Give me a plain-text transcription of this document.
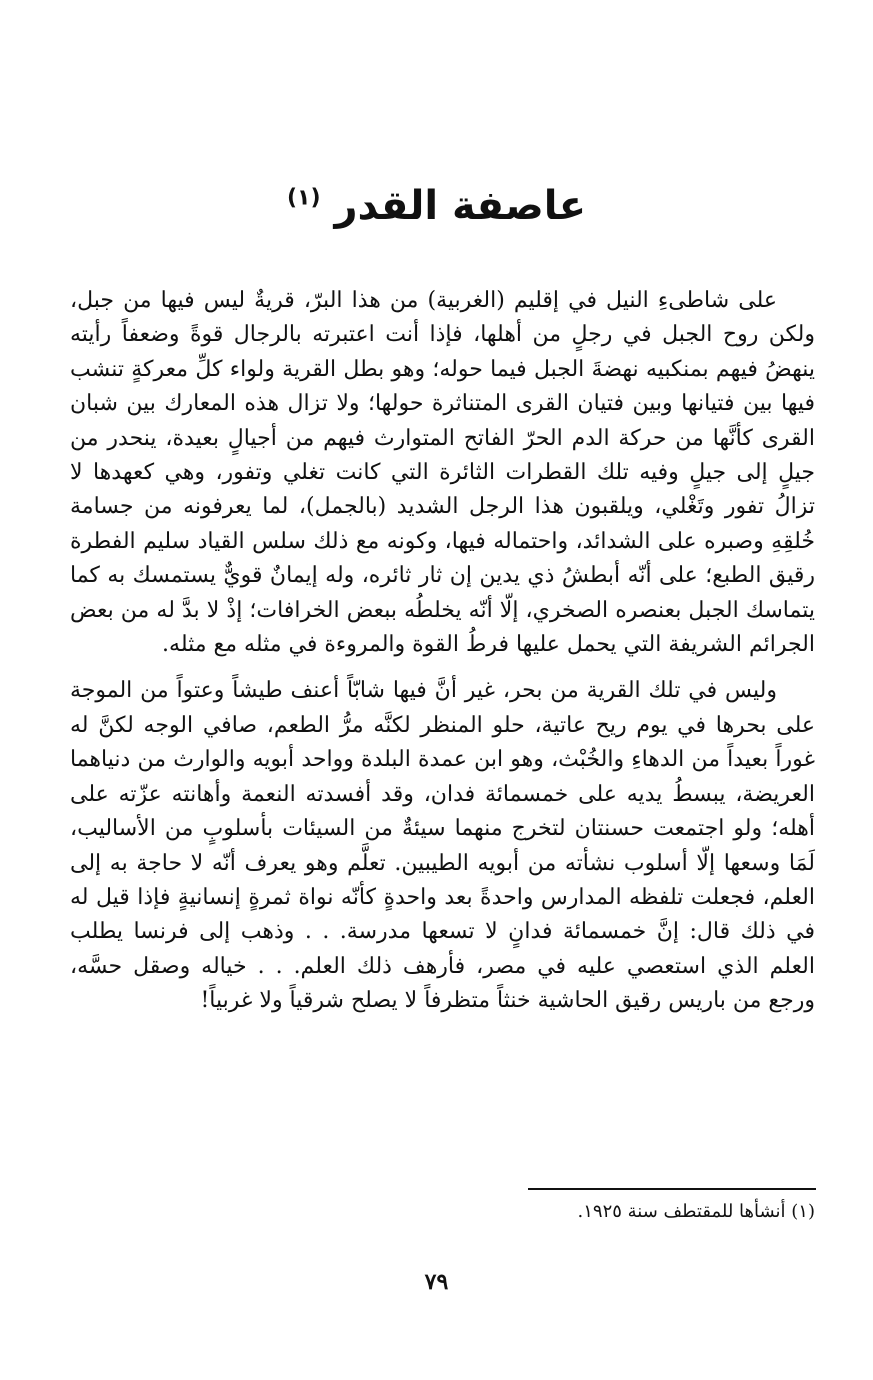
عاصفة القدر $^{(١)}$

على شاطىءِ النيل في إقليم (الغربية) من هذا البرّ، قريةٌ ليس فيها من جبل، ولكن روح الجبل في رجلٍ من أهلها، فإذا أنت اعتبرته بالرجال قوةً وضعفاً رأيته ينهضُ فيهم بمنكبيه نهضةَ الجبل فيما حوله؛ وهو بطل القرية ولواء كلِّ معركةٍ تنشب فيها بين فتيانها وبين فتيان القرى المتناثرة حولها؛ ولا تزال هذه المعارك بين شبان القرى كأنَّها من حركة الدم الحرّ الفاتح المتوارث فيهم من أجيالٍ بعيدة، ينحدر من جيلٍ إلى جيلٍ وفيه تلك القطرات الثائرة التي كانت تغلي وتفور، وهي كعهدها لا تزالُ تفور وتَغْلي، ويلقبون هذا الرجل الشديد (بالجمل)، لما يعرفونه من جسامة خُلقِهِ وصبره على الشدائد، واحتماله فيها، وكونه مع ذلك سلس القياد سليم الفطرة رقيق الطبع؛ على أنّه أبطشُ ذي يدين إن ثار ثائره، وله إيمانٌ قويٌّ يستمسك به كما يتماسك الجبل بعنصره الصخري، إلّا أنّه يخلطُه ببعض الخرافات؛ إذْ لا بدَّ له من بعض الجرائم الشريفة التي يحمل عليها فرطُ القوة والمروءة في مثله مع مثله.

وليس في تلك القرية من بحر، غير أنَّ فيها شابّاً أعنف طيشاً وعتواً من الموجة على بحرها في يوم ريح عاتية، حلو المنظر لكنَّه مرُّ الطعم، صافي الوجه لكنَّ له غوراً بعيداً من الدهاءِ والخُبْث، وهو ابن عمدة البلدة وواحد أبويه والوارث من دنياهما العريضة، يبسطُ يديه على خمسمائة فدان، وقد أفسدته النعمة وأهانته عزّته على أهله؛ ولو اجتمعت حسنتان لتخرج منهما سيئةٌ من السيئات بأسلوبٍ من الأساليب، لَمَا وسعها إلّا أسلوب نشأته من أبويه الطيبين. تعلَّم وهو يعرف أنّه لا حاجة به إلى العلم، فجعلت تلفظه المدارس واحدةً بعد واحدةٍ كأنّه نواة ثمرةٍ إنسانيةٍ فإذا قيل له في ذلك قال: إنَّ خمسمائة فدانٍ لا تسعها مدرسة. . . وذهب إلى فرنسا يطلب العلم الذي استعصي عليه في مصر، فأرهف ذلك العلم. . . خياله وصقل حسَّه، ورجع من باريس رقيق الحاشية خنثاً متظرفاً لا يصلح شرقياً ولا غربياً!

(١) أنشأها للمقتطف سنة ١٩٢٥.
٧٩
